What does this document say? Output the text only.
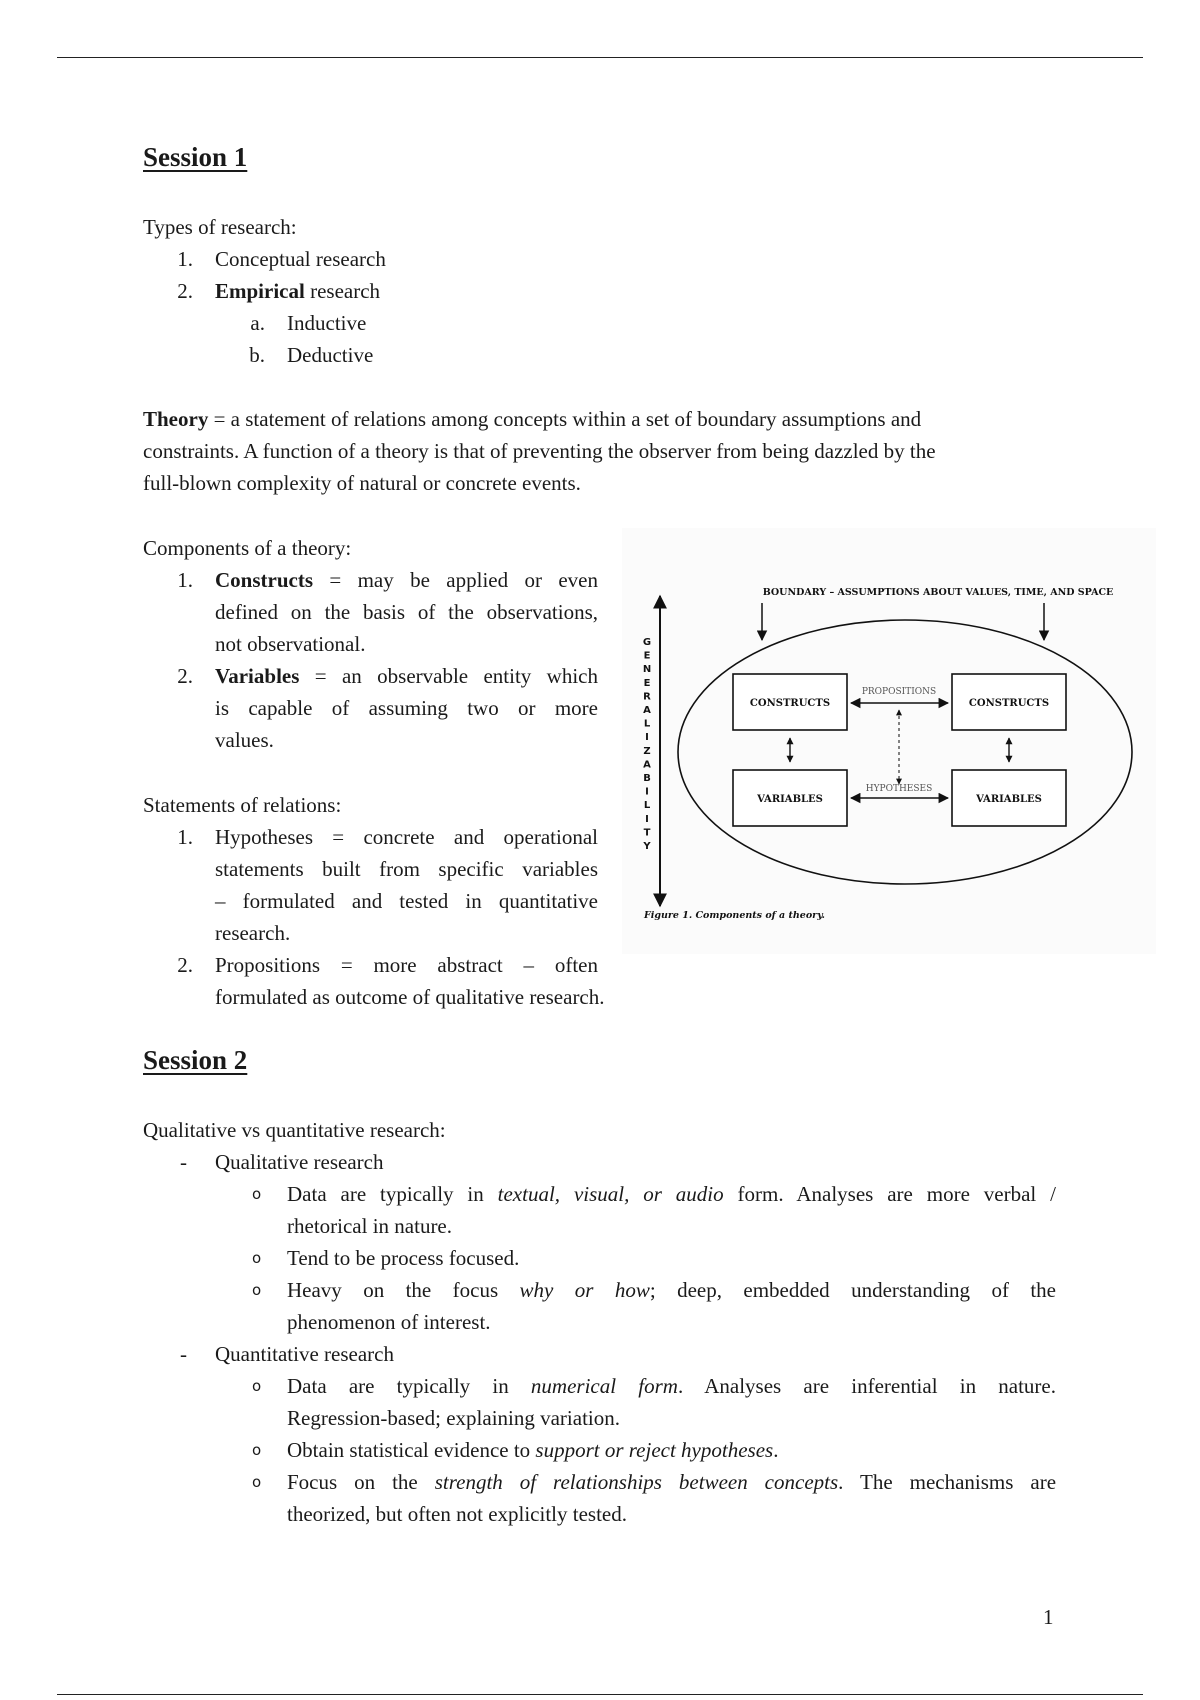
Session 1
Types of research:
1. Conceptual research
2. Empirical research
a. Inductive
b. Deductive
Theory = a statement of relations among concepts within a set of boundary assumptions and
constraints. A function of a theory is that of preventing the observer from being dazzled by the
full-blown complexity of natural or concrete events.
Components of a theory:
1. Constructs = may be applied or even
defined on the basis of the observations,
not observational.
2. Variables = an observable entity which
is capable of assuming two or more
values.
Statements of relations:
1. Hypotheses = concrete and operational
statements built from specific variables
– formulated and tested in quantitative
research.
2. Propositions = more abstract – often
formulated as outcome of qualitative research.
Session 2
Qualitative vs quantitative research:
- Qualitative research
o Data are typically in textual, visual, or audio form. Analyses are more verbal /
rhetorical in nature.
o Tend to be process focused.
o Heavy on the focus why or how; deep, embedded understanding of the
phenomenon of interest.
- Quantitative research
o Data are typically in numerical form. Analyses are inferential in nature.
Regression-based; explaining variation.
o Obtain statistical evidence to support or reject hypotheses.
o Focus on the strength of relationships between concepts. The mechanisms are
theorized, but often not explicitly tested.
G
E
N
E
R
A
L
I
Z
A
B
I
L
I
T
Y
BOUNDARY – ASSUMPTIONS ABOUT VALUES, TIME, AND SPACE
CONSTRUCTS	CONSTRUCTS
VARIABLES	VARIABLES
PROPOSITIONS
HYPOTHESES
Figure 1. Components of a theory.
1
